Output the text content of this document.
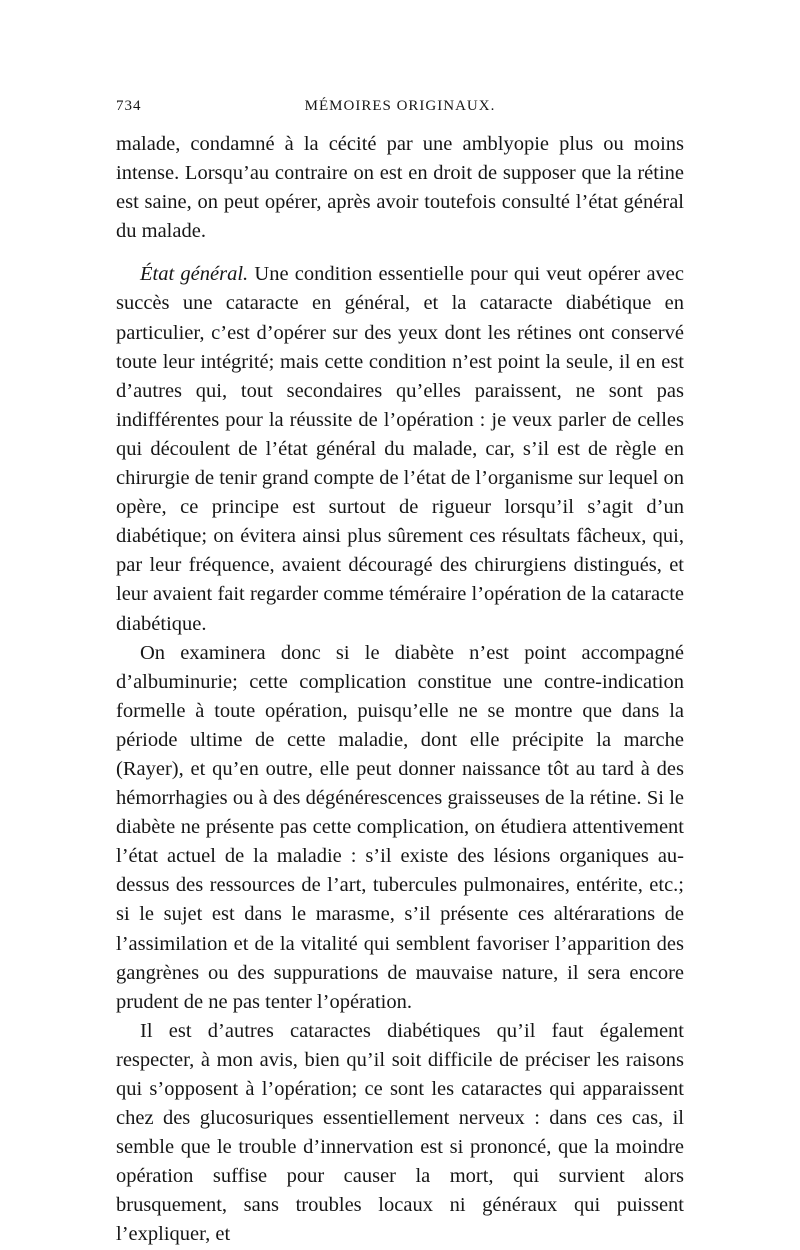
734	MÉMOIRES ORIGINAUX.

malade, condamné à la cécité par une amblyopie plus ou moins intense. Lorsqu’au contraire on est en droit de supposer que la rétine est saine, on peut opérer, après avoir toutefois consulté l’état général du malade.

État général. Une condition essentielle pour qui veut opérer avec succès une cataracte en général, et la cataracte diabétique en particulier, c’est d’opérer sur des yeux dont les rétines ont conservé toute leur intégrité; mais cette condition n’est point la seule, il en est d’autres qui, tout secondaires qu’elles paraissent, ne sont pas indifférentes pour la réussite de l’opération : je veux parler de celles qui découlent de l’état général du malade, car, s’il est de règle en chirurgie de tenir grand compte de l’état de l’organisme sur lequel on opère, ce principe est surtout de rigueur lorsqu’il s’agit d’un diabétique; on évitera ainsi plus sûrement ces résultats fâcheux, qui, par leur fréquence, avaient découragé des chirurgiens distingués, et leur avaient fait regarder comme téméraire l’opération de la cataracte diabétique.

On examinera donc si le diabète n’est point accompagné d’albuminurie; cette complication constitue une contre-indication formelle à toute opération, puisqu’elle ne se montre que dans la période ultime de cette maladie, dont elle précipite la marche (Rayer), et qu’en outre, elle peut donner naissance tôt au tard à des hémorrhagies ou à des dégénérescences graisseuses de la rétine. Si le diabète ne présente pas cette complication, on étudiera attentivement l’état actuel de la maladie : s’il existe des lésions organiques au-dessus des ressources de l’art, tubercules pulmonaires, entérite, etc.; si le sujet est dans le marasme, s’il présente ces altérarations de l’assimilation et de la vitalité qui semblent favoriser l’apparition des gangrènes ou des suppurations de mauvaise nature, il sera encore prudent de ne pas tenter l’opération.

Il est d’autres cataractes diabétiques qu’il faut également respecter, à mon avis, bien qu’il soit difficile de préciser les raisons qui s’opposent à l’opération; ce sont les cataractes qui apparaissent chez des glucosuriques essentiellement nerveux : dans ces cas, il semble que le trouble d’innervation est si prononcé, que la moindre opération suffise pour causer la mort, qui survient alors brusquement, sans troubles locaux ni généraux qui puissent l’expliquer, et
